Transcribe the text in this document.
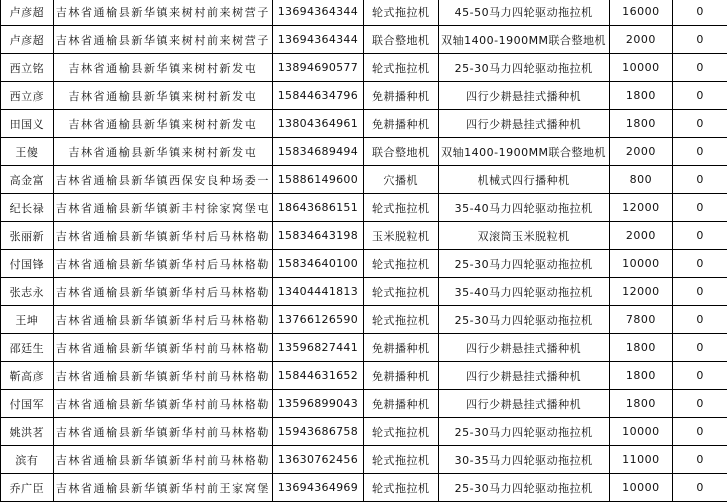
卢彦超	吉林省通榆县新华镇来树村前来树营子	13694364344	轮式拖拉机	45-50马力四轮驱动拖拉机	16000	0
卢彦超	吉林省通榆县新华镇来树村前来树营子	13694364344	联合整地机	双轴1400-1900MM联合整地机	2000	0
西立铭	吉林省通榆县新华镇来树村新发屯	13894690577	轮式拖拉机	25-30马力四轮驱动拖拉机	10000	0
西立彦	吉林省通榆县新华镇来树村新发屯	15844634796	免耕播种机	四行少耕悬挂式播种机	1800	0
田国义	吉林省通榆县新华镇来树村新发屯	13804364961	免耕播种机	四行少耕悬挂式播种机	1800	0
王傻	吉林省通榆县新华镇来树村新发屯	15834689494	联合整地机	双轴1400-1900MM联合整地机	2000	0
高金富	吉林省通榆县新华镇西保安良种场委一	15886149600	穴播机	机械式四行播种机	800	0
纪长禄	吉林省通榆县新华镇新丰村徐家窝堡屯	18643686151	轮式拖拉机	35-40马力四轮驱动拖拉机	12000	0
张丽新	吉林省通榆县新华镇新华村后马林格勒	15834643198	玉米脱粒机	双滚筒玉米脱粒机	2000	0
付国锋	吉林省通榆县新华镇新华村后马林格勒	15834640100	轮式拖拉机	25-30马力四轮驱动拖拉机	10000	0
张志永	吉林省通榆县新华镇新华村后马林格勒	13404441813	轮式拖拉机	35-40马力四轮驱动拖拉机	12000	0
王坤	吉林省通榆县新华镇新华村后马林格勒	13766126590	轮式拖拉机	25-30马力四轮驱动拖拉机	7800	0
邵廷生	吉林省通榆县新华镇新华村前马林格勒	13596827441	免耕播种机	四行少耕悬挂式播种机	1800	0
靳高彦	吉林省通榆县新华镇新华村前马林格勒	15844631652	免耕播种机	四行少耕悬挂式播种机	1800	0
付国军	吉林省通榆县新华镇新华村前马林格勒	13596899043	免耕播种机	四行少耕悬挂式播种机	1800	0
姚洪茗	吉林省通榆县新华镇新华村前马林格勒	15943686758	轮式拖拉机	25-30马力四轮驱动拖拉机	10000	0
滨有	吉林省通榆县新华镇新华村前马林格勒	13630762456	轮式拖拉机	30-35马力四轮驱动拖拉机	11000	0
乔广臣	吉林省通榆县新华镇新华村前王家窝堡	13694364969	轮式拖拉机	25-30马力四轮驱动拖拉机	10000	0
